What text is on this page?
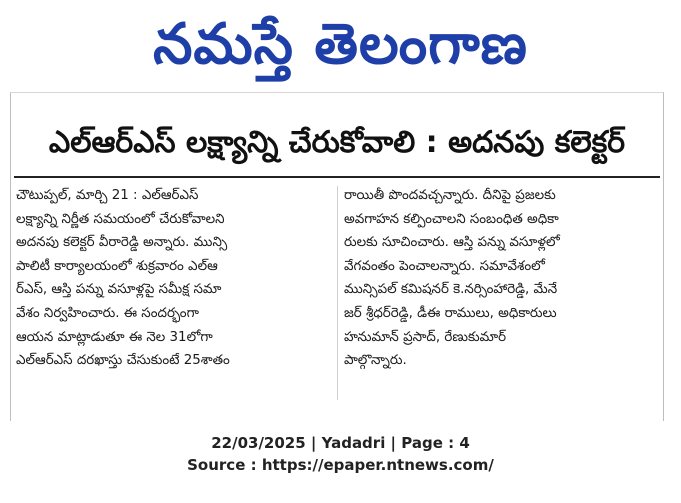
నమస్తే తెలంగాణ
ఎల్‌ఆర్‌ఎస్ లక్ష్యాన్ని చేరుకోవాలి : అదనపు కలెక్టర్
చౌటుప్పల్, మార్చి 21 : ఎల్‌ఆర్‌ఎస్
లక్ష్యాన్ని నిర్ణీత సమయంలో చేరుకోవాలని
అదనపు కలెక్టర్ వీరారెడ్డి అన్నారు. మున్సి
పాలిటీ కార్యాలయంలో శుక్రవారం ఎల్‌ఆ
ర్‌ఎస్, ఆస్తి పన్ను వసూళ్లపై సమీక్ష సమా
వేశం నిర్వహించారు. ఈ సందర్భంగా
ఆయన మాట్లాడుతూ ఈ నెల 31లోగా
ఎల్‌ఆర్‌ఎస్ దరఖాస్తు చేసుకుంటే 25శాతం
రాయితీ పొందవచ్చన్నారు. దీనిపై ప్రజలకు
అవగాహన కల్పించాలని సంబంధిత అధికా
రులకు సూచించారు. ఆస్తి పన్ను వసూళ్లలో
వేగవంతం పెంచాలన్నారు. సమావేశంలో
మున్సిపల్ కమిషనర్ కె.నర్సింహారెడ్డి, మేనే
జర్ శ్రీధర్‌రెడ్డి, డీఈ రాములు, అధికారులు
హనుమాన్ ప్రసాద్, రేణుకుమార్
పాల్గొన్నారు.
22/03/2025 | Yadadri | Page : 4
Source : https://epaper.ntnews.com/
